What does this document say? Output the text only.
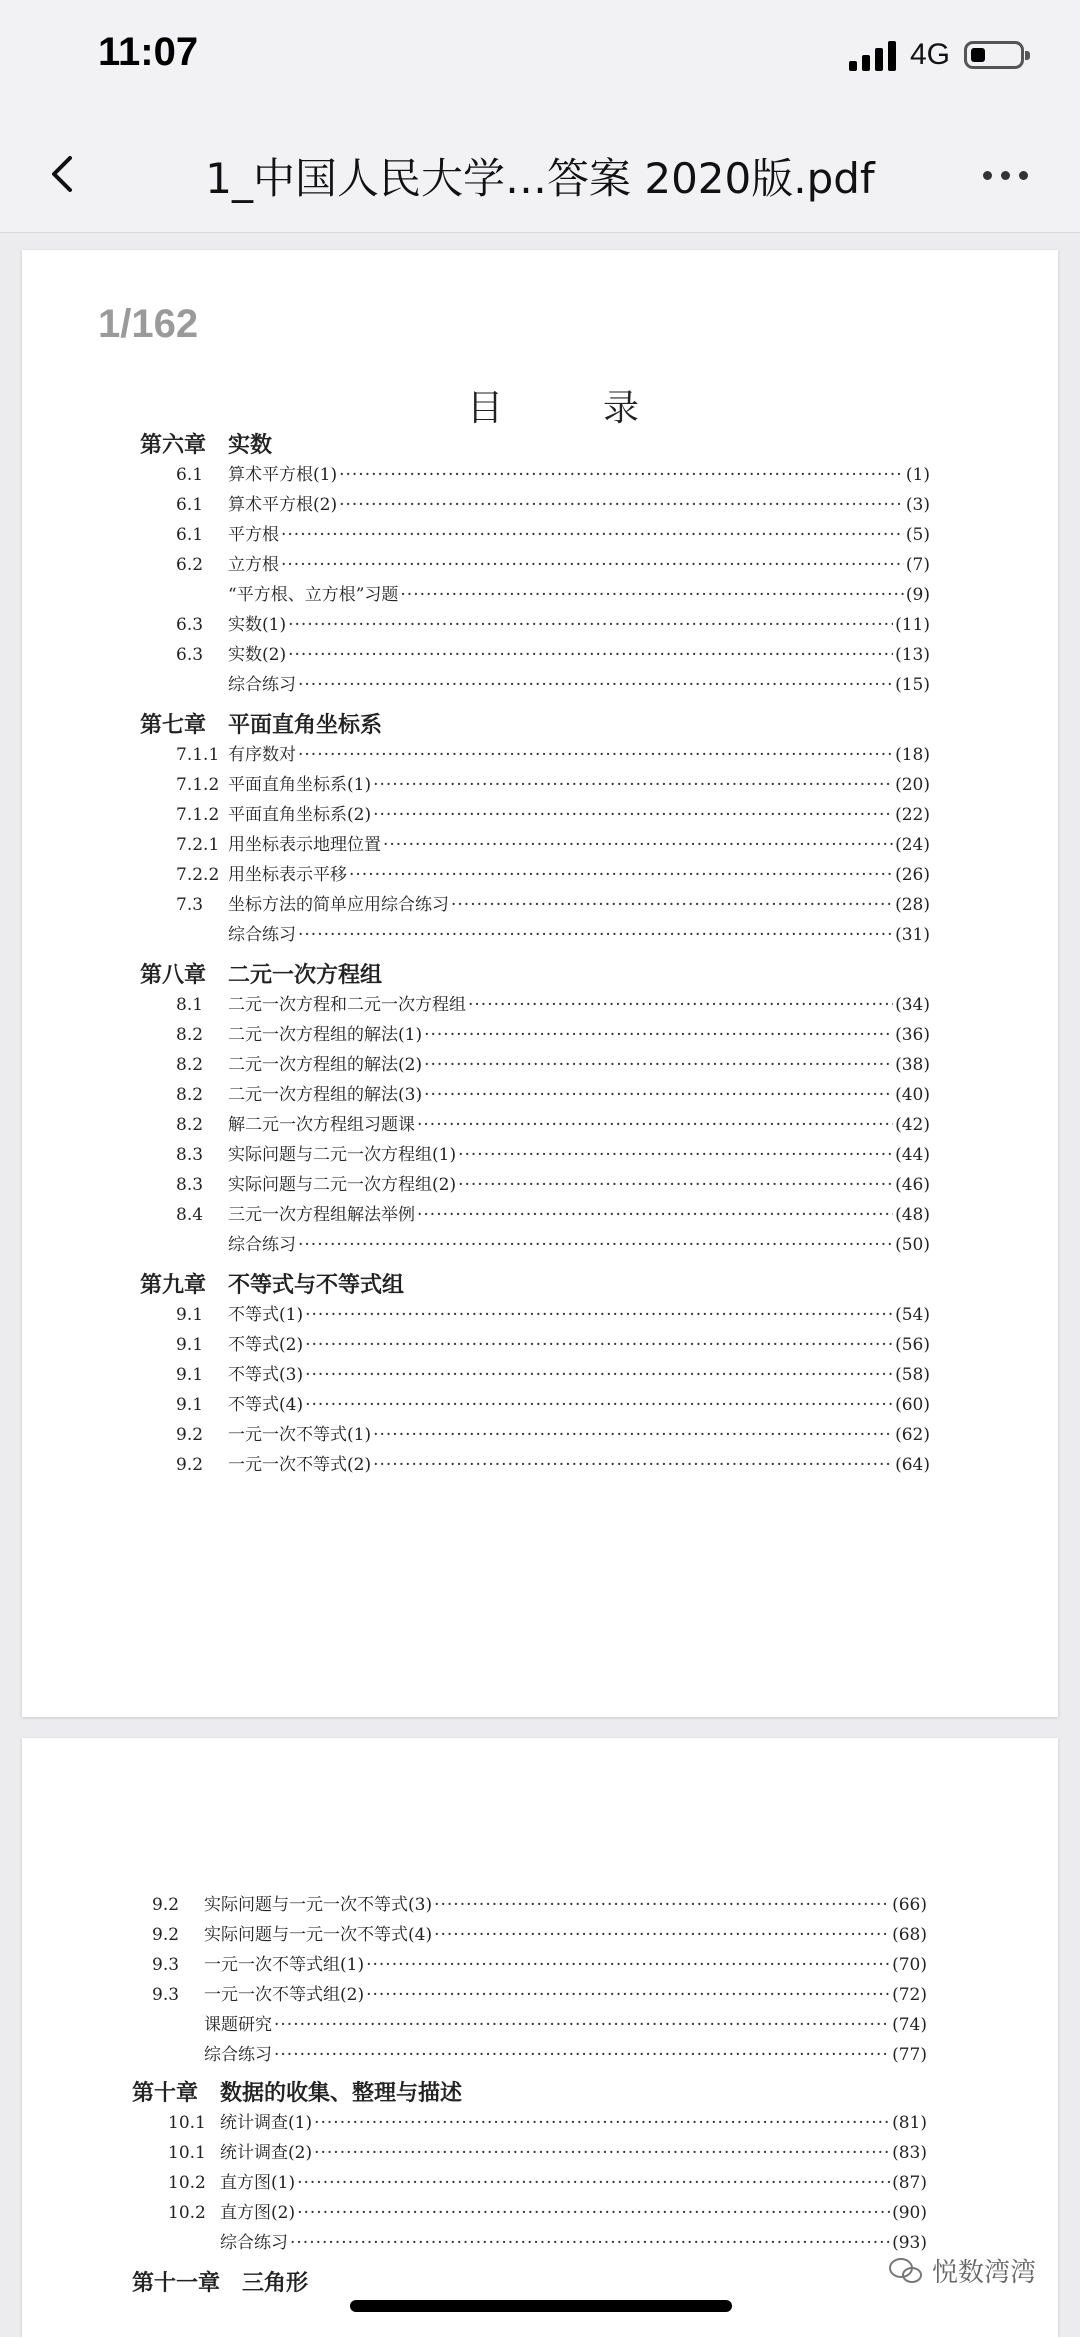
11:07	4G
1_中国人民大学…答案 2020版.pdf
1/162
目录
第六章　实数
6.1	算术平方根(1) ·····	(1)
6.1	算术平方根(2) ·····	(3)
6.1	平方根 ·····	(5)
6.2	立方根 ·····	(7)
“平方根、立方根”习题 ·····	(9)
6.3	实数(1) ·····	(11)
6.3	实数(2) ·····	(13)
综合练习 ·····	(15)
第七章　平面直角坐标系
7.1.1 有序数对 ·····	(18)
7.1.2 平面直角坐标系(1) ·····	(20)
7.1.2 平面直角坐标系(2) ·····	(22)
7.2.1 用坐标表示地理位置 ·····	(24)
7.2.2 用坐标表示平移 ·····	(26)
7.3	坐标方法的简单应用综合练习 ·····	(28)
综合练习 ·····	(31)
第八章　二元一次方程组
8.1	二元一次方程和二元一次方程组 ·····	(34)
8.2	二元一次方程组的解法(1) ·····	(36)
8.2	二元一次方程组的解法(2) ·····	(38)
8.2	二元一次方程组的解法(3) ·····	(40)
8.2	解二元一次方程组习题课 ·····	(42)
8.3	实际问题与二元一次方程组(1) ·····	(44)
8.3	实际问题与二元一次方程组(2) ·····	(46)
8.4	三元一次方程组解法举例 ·····	(48)
综合练习 ·····	(50)
第九章　不等式与不等式组
9.1	不等式(1) ·····	(54)
9.1	不等式(2) ·····	(56)
9.1	不等式(3) ·····	(58)
9.1	不等式(4) ·····	(60)
9.2	一元一次不等式(1) ·····	(62)
9.2	一元一次不等式(2) ·····	(64)
9.2	实际问题与一元一次不等式(3) ·····	(66)
9.2	实际问题与一元一次不等式(4) ·····	(68)
9.3	一元一次不等式组(1) ·····	(70)
9.3	一元一次不等式组(2) ·····	(72)
课题研究 ·····	(74)
综合练习 ·····	(77)
第十章　数据的收集、整理与描述
10.1 统计调查(1) ·····	(81)
10.1 统计调查(2) ·····	(83)
10.2 直方图(1) ·····	(87)
10.2 直方图(2) ·····	(90)
综合练习 ·····	(93)
第十一章　三角形	悦数湾湾
